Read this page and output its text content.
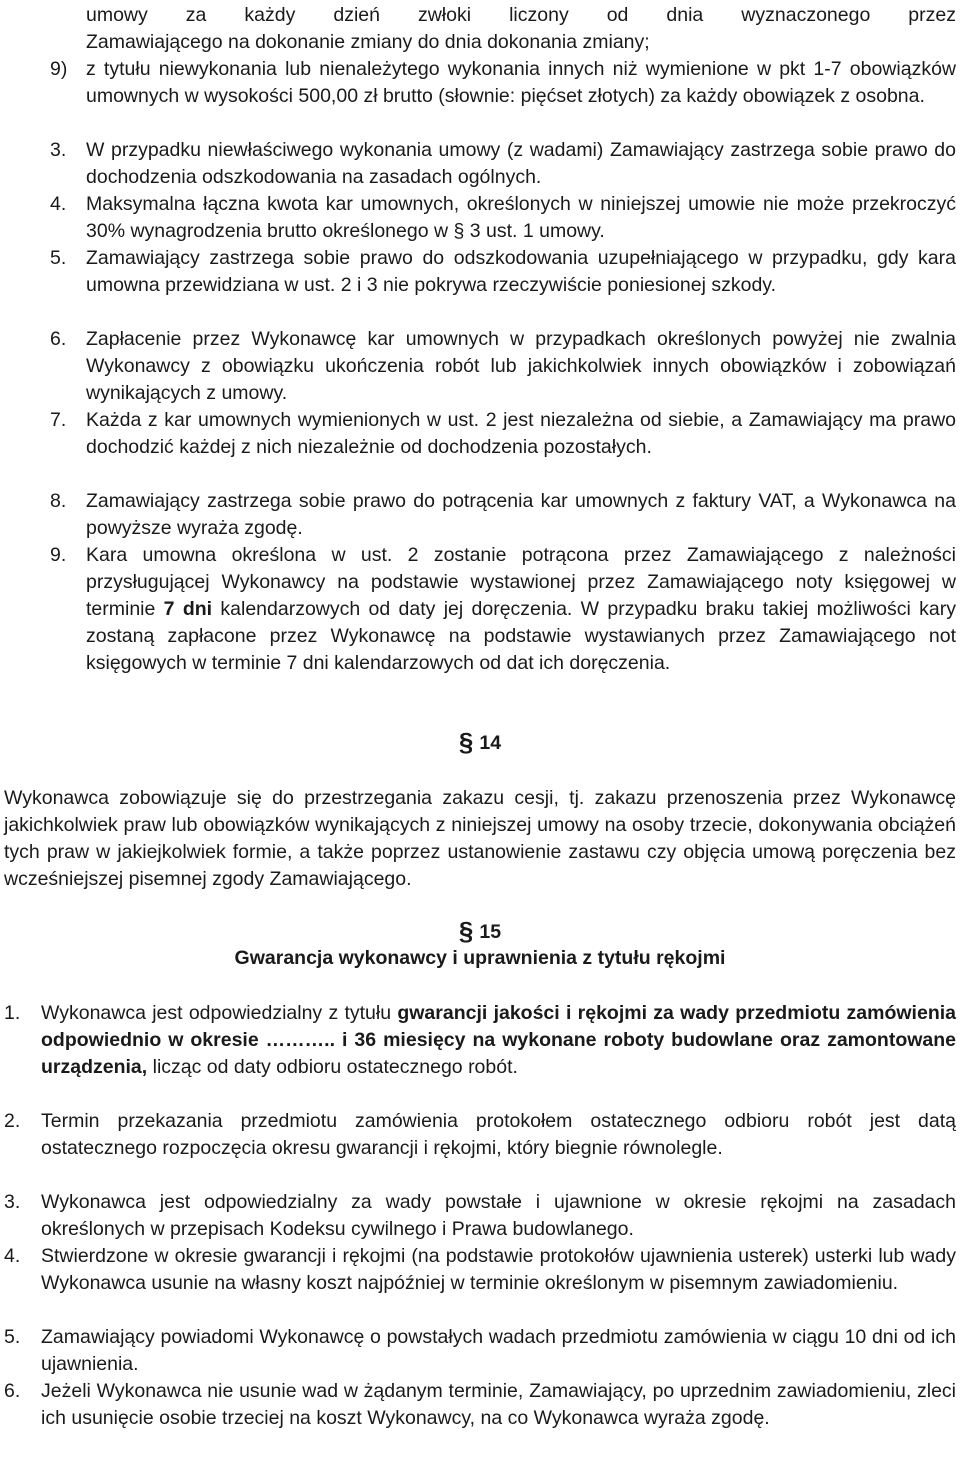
umowy za każdy dzień zwłoki liczony od dnia wyznaczonego przez
Zamawiającego na dokonanie zmiany do dnia dokonania zmiany;
9) z tytułu niewykonania lub nienależytego wykonania innych niż wymienione w pkt 1-7 obowiązków umownych w wysokości 500,00 zł brutto (słownie: pięćset złotych) za każdy obowiązek z osobna.
3. W przypadku niewłaściwego wykonania umowy (z wadami) Zamawiający zastrzega sobie prawo do dochodzenia odszkodowania na zasadach ogólnych.
4. Maksymalna łączna kwota kar umownych, określonych w niniejszej umowie nie może przekroczyć 30% wynagrodzenia brutto określonego w § 3 ust. 1 umowy.
5. Zamawiający zastrzega sobie prawo do odszkodowania uzupełniającego w przypadku, gdy kara umowna przewidziana w ust. 2 i 3 nie pokrywa rzeczywiście poniesionej szkody.
6. Zapłacenie przez Wykonawcę kar umownych w przypadkach określonych powyżej nie zwalnia Wykonawcy z obowiązku ukończenia robót lub jakichkolwiek innych obowiązków i zobowiązań wynikających z umowy.
7. Każda z kar umownych wymienionych w ust. 2 jest niezależna od siebie, a Zamawiający ma prawo dochodzić każdej z nich niezależnie od dochodzenia pozostałych.
8. Zamawiający zastrzega sobie prawo do potrącenia kar umownych z faktury VAT, a Wykonawca na powyższe wyraża zgodę.
9. Kara umowna określona w ust. 2 zostanie potrącona przez Zamawiającego z należności przysługującej Wykonawcy na podstawie wystawionej przez Zamawiającego noty księgowej w terminie 7 dni kalendarzowych od daty jej doręczenia. W przypadku braku takiej możliwości kary zostaną zapłacone przez Wykonawcę na podstawie wystawianych przez Zamawiającego not księgowych w terminie 7 dni kalendarzowych od dat ich doręczenia.
§ 14
Wykonawca zobowiązuje się do przestrzegania zakazu cesji, tj. zakazu przenoszenia przez Wykonawcę jakichkolwiek praw lub obowiązków wynikających z niniejszej umowy na osoby trzecie, dokonywania obciążeń tych praw w jakiejkolwiek formie, a także poprzez ustanowienie zastawu czy objęcia umową poręczenia bez wcześniejszej pisemnej zgody Zamawiającego.
§ 15
Gwarancja wykonawcy i uprawnienia z tytułu rękojmi
1. Wykonawca jest odpowiedzialny z tytułu gwarancji jakości i rękojmi za wady przedmiotu zamówienia odpowiednio w okresie ……….. i 36 miesięcy na wykonane roboty budowlane oraz zamontowane urządzenia, licząc od daty odbioru ostatecznego robót.
2. Termin przekazania przedmiotu zamówienia protokołem ostatecznego odbioru robót jest datą ostatecznego rozpoczęcia okresu gwarancji i rękojmi, który biegnie równolegle.
3. Wykonawca jest odpowiedzialny za wady powstałe i ujawnione w okresie rękojmi na zasadach określonych w przepisach Kodeksu cywilnego i Prawa budowlanego.
4. Stwierdzone w okresie gwarancji i rękojmi (na podstawie protokołów ujawnienia usterek) usterki lub wady Wykonawca usunie na własny koszt najpóźniej w terminie określonym w pisemnym zawiadomieniu.
5. Zamawiający powiadomi Wykonawcę o powstałych wadach przedmiotu zamówienia w ciągu 10 dni od ich ujawnienia.
6. Jeżeli Wykonawca nie usunie wad w żądanym terminie, Zamawiający, po uprzednim zawiadomieniu, zleci ich usunięcie osobie trzeciej na koszt Wykonawcy, na co Wykonawca wyraża zgodę.
